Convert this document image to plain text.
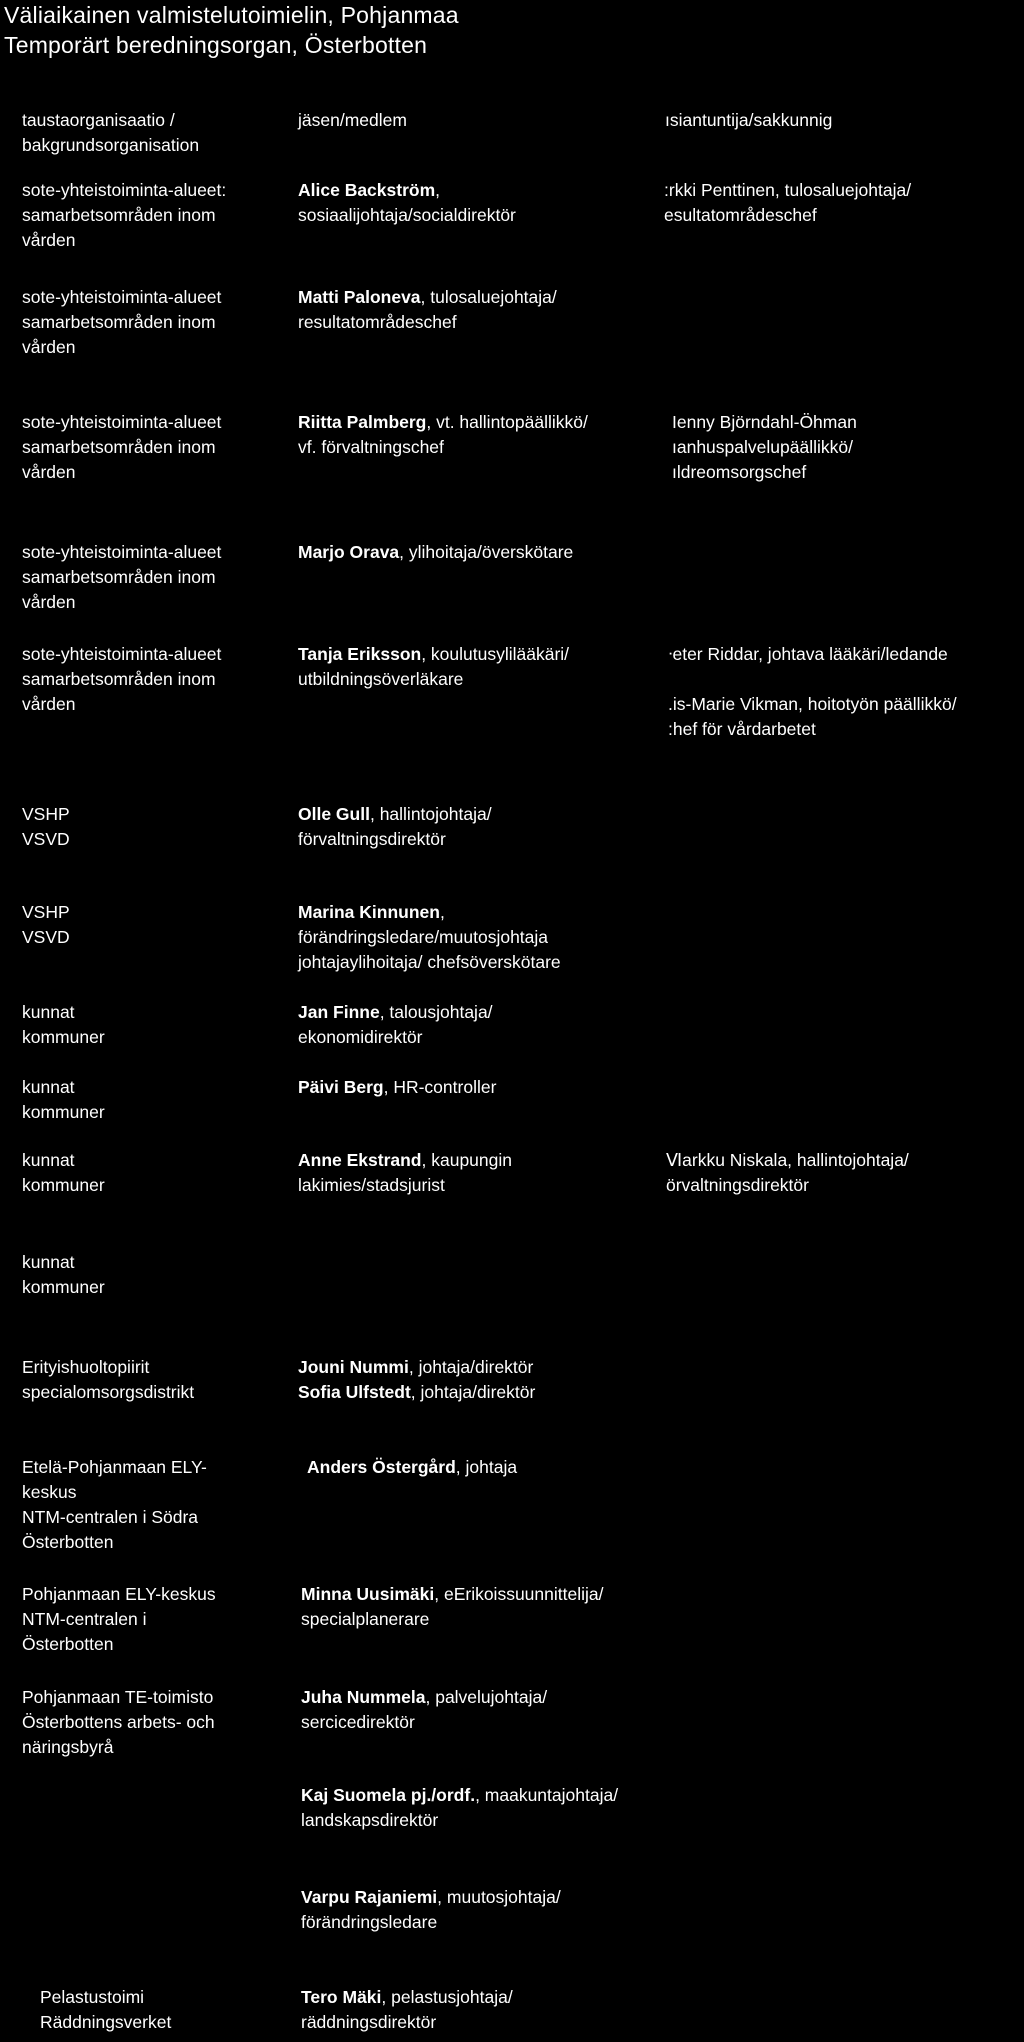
Väliaikainen valmistelutoimielin, Pohjanmaa
Temporärt beredningsorgan, Österbotten
taustaorganisaatio /
bakgrundsorganisation
jäsen/medlem	ısiantuntija/sakkunnig
sote-yhteistoiminta-alueet:
samarbetsområden inom
vården
Alice Backström,
sosiaalijohtaja/socialdirektör
:rkki Penttinen, tulosaluejohtaja/
esultatområdeschef
sote-yhteistoiminta-alueet
samarbetsområden inom
vården
Matti Paloneva, tulosaluejohtaja/
resultatområdeschef
sote-yhteistoiminta-alueet
samarbetsområden inom
vården
Riitta Palmberg, vt. hallintopäällikkö/
vf. förvaltningschef
Ienny Björndahl-Öhman
ıanhuspalvelupäällikkö/
ıldreomsorgschef
sote-yhteistoiminta-alueet
samarbetsområden inom
vården
Marjo Orava, ylihoitaja/överskötare
sote-yhteistoiminta-alueet
samarbetsområden inom
vården
Tanja Eriksson, koulutusylilääkäri/
utbildningsöverläkare
ᐧeter Riddar, johtava lääkäri/ledande
.is-Marie Vikman, hoitotyön päällikkö/
:hef för vårdarbetet
VSHP
VSVD
Olle Gull, hallintojohtaja/
förvaltningsdirektör
VSHP
VSVD
Marina Kinnunen,
förändringsledare/muutosjohtaja
johtajaylihoitaja/ chefsöverskötare
kunnat
kommuner
Jan Finne, talousjohtaja/
ekonomidirektör
kunnat
kommuner
Päivi Berg, HR-controller
kunnat
kommuner
Anne Ekstrand, kaupungin
lakimies/stadsjurist
Ⅵarkku Niskala, hallintojohtaja/
örvaltningsdirektör
kunnat
kommuner
Erityishuoltopiirit
specialomsorgsdistrikt
Jouni Nummi, johtaja/direktör
Sofia Ulfstedt, johtaja/direktör
Etelä-Pohjanmaan ELY-
keskus
NTM-centralen i Södra
Österbotten
Anders Östergård, johtaja
Pohjanmaan ELY-keskus
NTM-centralen i
Österbotten
Minna Uusimäki, eErikoissuunnittelija/
specialplanerare
Pohjanmaan TE-toimisto
Österbottens arbets- och
näringsbyrå
Juha Nummela, palvelujohtaja/
sercicedirektör
Kaj Suomela pj./ordf., maakuntajohtaja/
landskapsdirektör
Varpu Rajaniemi, muutosjohtaja/
förändringsledare
Pelastustoimi
Räddningsverket
Tero Mäki, pelastusjohtaja/
räddningsdirektör
